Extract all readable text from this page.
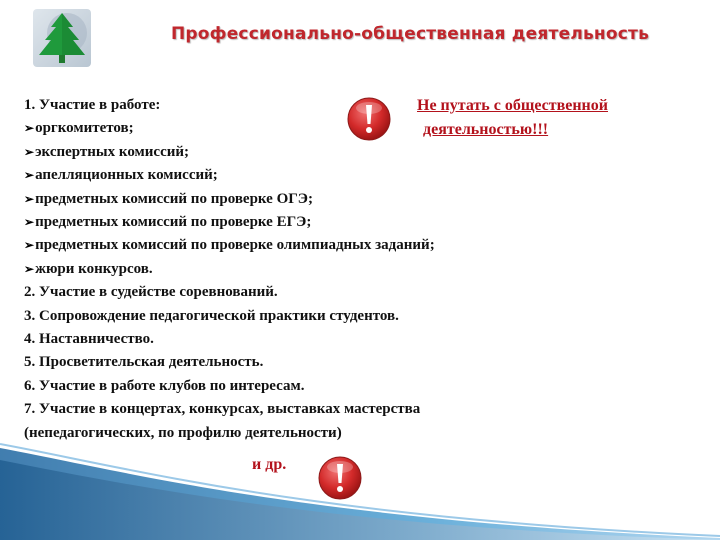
Профессионально-общественная деятельность
1. Участие в работе:
➢оргкомитетов;
➢экспертных комиссий;
➢апелляционных комиссий;
➢предметных комиссий по проверке ОГЭ;
➢предметных комиссий по проверке ЕГЭ;
➢предметных комиссий по проверке олимпиадных заданий;
➢жюри конкурсов.
2. Участие в судействе соревнований.
3. Сопровождение педагогической практики студентов.
4. Наставничество.
5. Просветительская деятельность.
6. Участие в работе клубов по интересам.
7. Участие в концертах, конкурсах, выставках мастерства
(непедагогических, по профилю деятельности)
Не путать с общественной
деятельностью!!!
и др.
